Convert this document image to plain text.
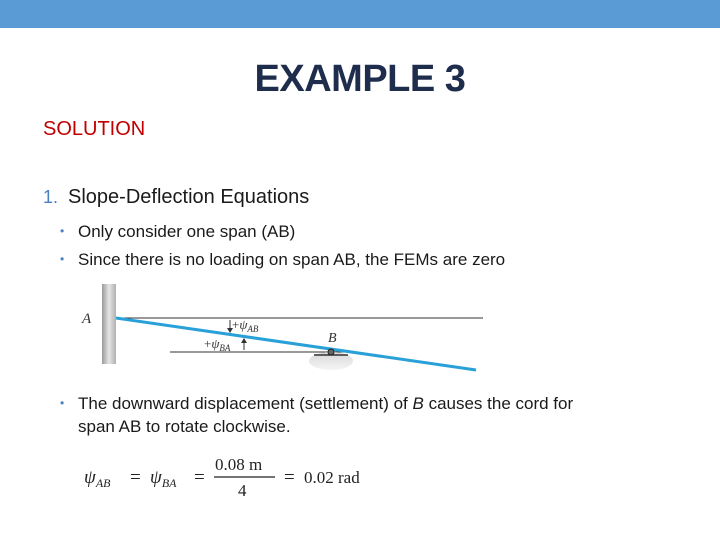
EXAMPLE 3
SOLUTION
1. Slope-Deflection Equations
• Only consider one span (AB)
• Since there is no loading on span AB, the FEMs are zero
A
B
$+\psi_{AB}$
$+\psi_{BA}$
• The downward displacement (settlement) of B causes the cord for
span AB to rotate clockwise.
$\psi_{AB} = \psi_{BA}$ =
0.08 m
4
= 0.02 rad
